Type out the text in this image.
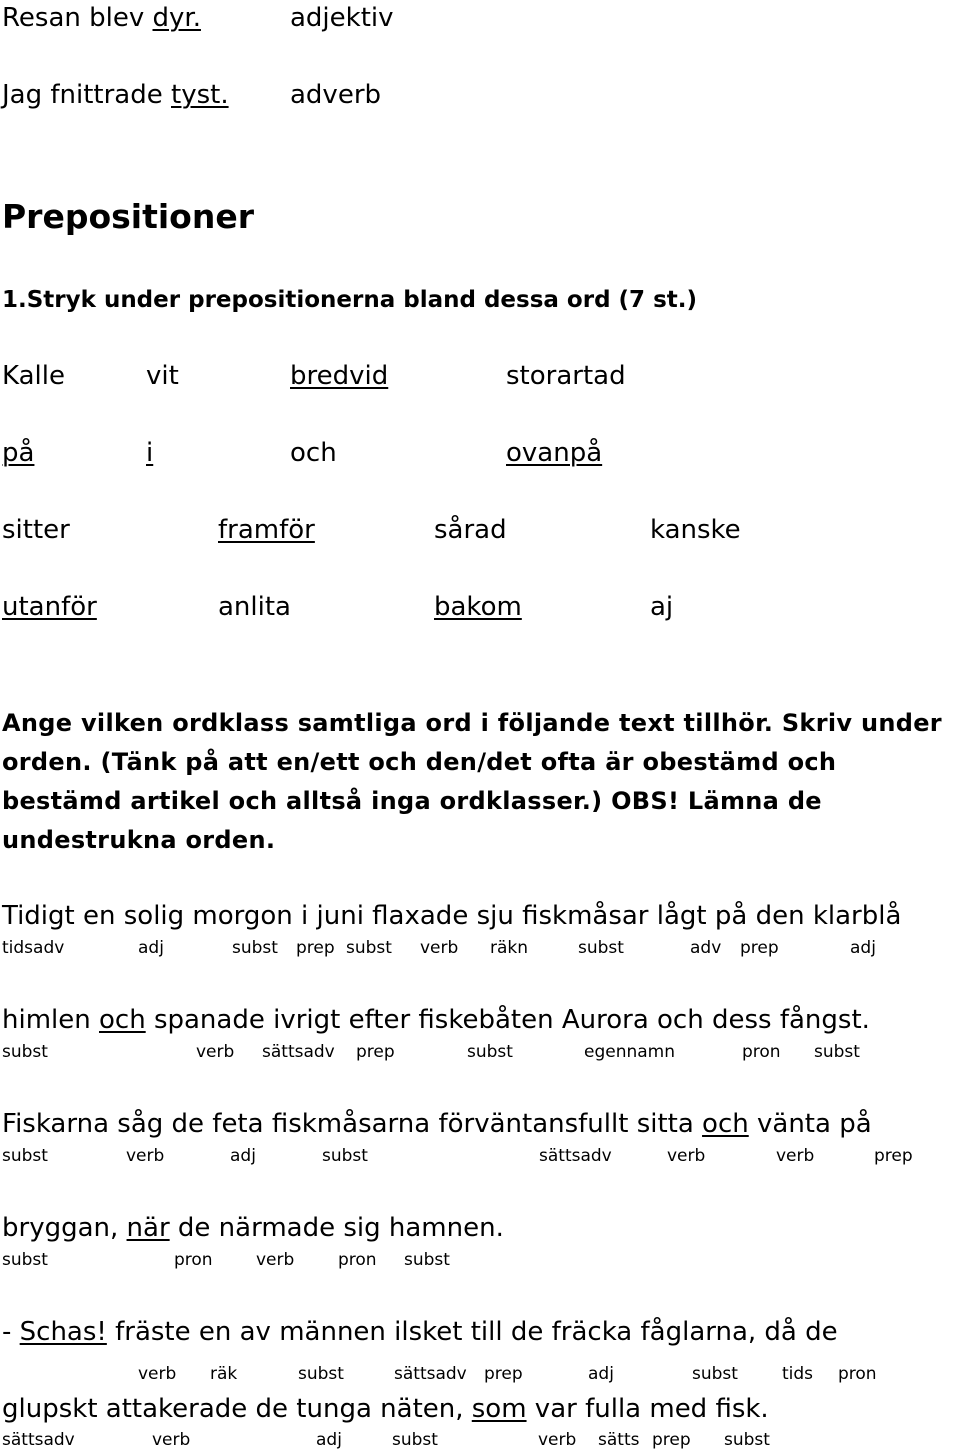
Resan blev dyr.	adjektiv
Jag fnittrade tyst. adverb
Prepositioner
1.Stryk under prepositionerna bland dessa ord (7 st.)
Kalle	vit	bredvid	storartad
på	i	och	ovanpå
sitter	framför	sårad	kanske
utanför	anlita	bakom	aj
Ange vilken ordklass samtliga ord i följande text tillhör. Skriv under orden. (Tänk på att en/ett och den/det ofta är obestämd och bestämd artikel och alltså inga ordklasser.) OBS! Lämna de undestrukna orden.
Tidigt en solig morgon i juni flaxade sju fiskmåsar lågt på den klarblå
tidsadv	adj	subst prep subst verb räkn	subst	adv prep	adj
himlen och spanade ivrigt efter fiskebåten Aurora och dess fångst.
subst	verb sättsadv prep	subst	egennamn	pron subst
Fiskarna såg de feta fiskmåsarna förväntansfullt sitta och vänta på
subst	verb	adj	subst	sättsadv	verb	verb	prep
bryggan, när de närmade sig hamnen.
subst	pron	verb	pron subst
- Schas! fräste en av männen ilsket till de fräcka fåglarna, då de
verb räk	subst	sättsadv prep	adj	subst	tids pron
glupskt attakerade de tunga näten, som var fulla med fisk.
sättsadv	verb	adj	subst	verb sätts prep subst
